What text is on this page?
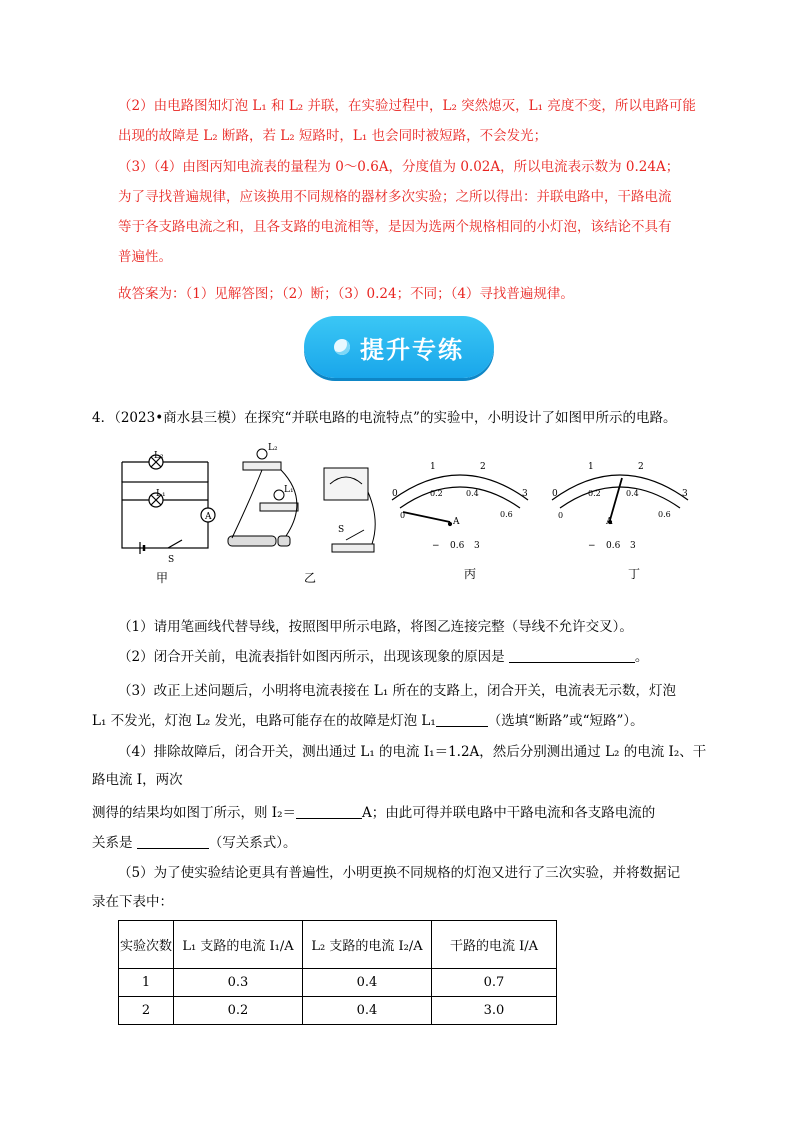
（2）由电路图知灯泡 L₁ 和 L₂ 并联，在实验过程中，L₂ 突然熄灭，L₁ 亮度不变，所以电路可能
出现的故障是 L₂ 断路，若 L₂ 短路时，L₁ 也会同时被短路，不会发光；
（3）（4）由图丙知电流表的量程为 0～0.6A，分度值为 0.02A，所以电流表示数为 0.24A；
为了寻找普遍规律，应该换用不同规格的器材多次实验；之所以得出：并联电路中，干路电流
等于各支路电流之和，且各支路的电流相等，是因为选两个规格相同的小灯泡，该结论不具有
普遍性。
故答案为：（1）见解答图；（2）断；（3）0.24；不同；（4）寻找普遍规律。
提升专练
4．（2023•商水县三模）在探究“并联电路的电流特点”的实验中，小明设计了如图甲所示的电路。
L₂
L₁
A
S
L₂
L₁
S
0
1	2
3
0
0.2	0.4
0.6
A
− 0.6 3
0
1	2
3
0
0.2	0.4
0.6
A
− 0.6 3
甲	乙	丙	丁
（1）请用笔画线代替导线，按照图甲所示电路，将图乙连接完整（导线不允许交叉）。
（2）闭合开关前，电流表指针如图丙所示，出现该现象的原因是	。
（3）改正上述问题后，小明将电流表接在 L₁ 所在的支路上，闭合开关，电流表无示数，灯泡
L₁ 不发光，灯泡 L₂ 发光，电路可能存在的故障是灯泡 L₁	（选填“断路”或“短路”）。
（4）排除故障后，闭合开关，测出通过 L₁ 的电流 I₁＝1.2A，然后分别测出通过 L₂ 的电流 I₂、干
路电流 I，两次
测得的结果均如图丁所示，则 I₂＝	A；由此可得并联电路中干路电流和各支路电流的
关系是	（写关系式）。
（5）为了使实验结论更具有普遍性，小明更换不同规格的灯泡又进行了三次实验，并将数据记
录在下表中：
实验次数	L₁ 支路的电流 I₁/A	L₂ 支路的电流 I₂/A	干路的电流 I/A
1	0.3	0.4	0.7
2	0.2	0.4	3.0
